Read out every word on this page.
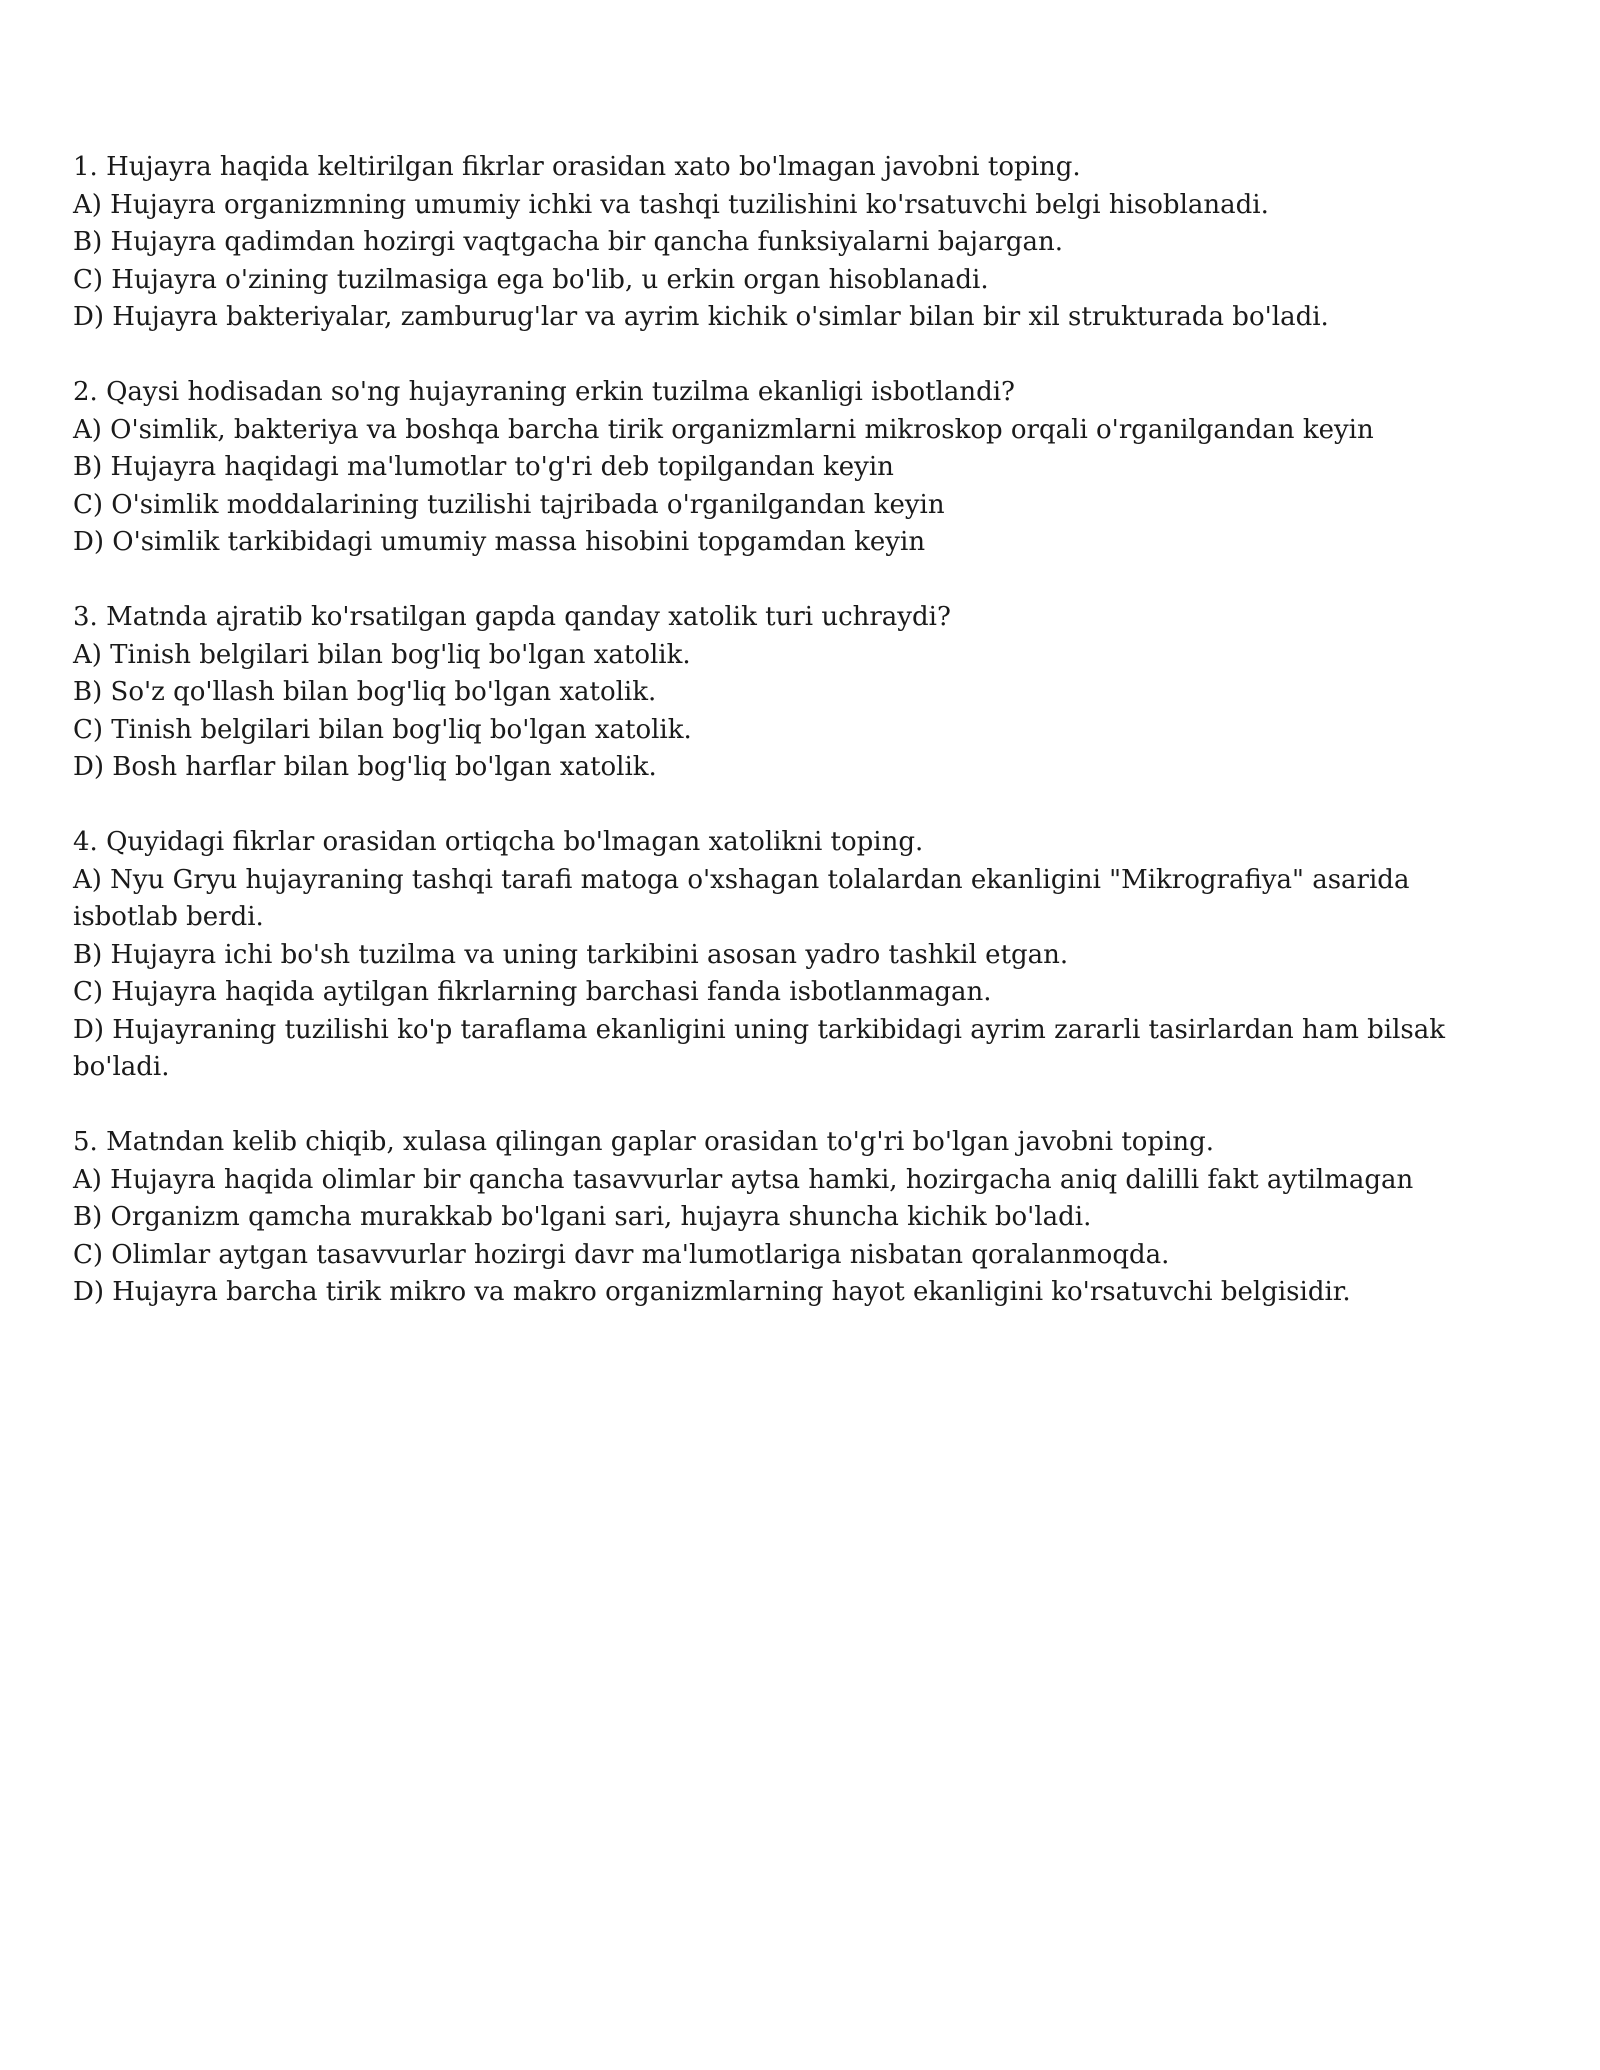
1. Hujayra haqida keltirilgan fikrlar orasidan xato bo'lmagan javobni toping.

A) Hujayra organizmning umumiy ichki va tashqi tuzilishini ko'rsatuvchi belgi hisoblanadi.

B) Hujayra qadimdan hozirgi vaqtgacha bir qancha funksiyalarni bajargan.

C) Hujayra o'zining tuzilmasiga ega bo'lib, u erkin organ hisoblanadi.

D) Hujayra bakteriyalar, zamburug'lar va ayrim kichik o'simlar bilan bir xil strukturada bo'ladi.

2. Qaysi hodisadan so'ng hujayraning erkin tuzilma ekanligi isbotlandi?

A) O'simlik, bakteriya va boshqa barcha tirik organizmlarni mikroskop orqali o'rganilgandan keyin

B) Hujayra haqidagi ma'lumotlar to'g'ri deb topilgandan keyin

C) O'simlik moddalarining tuzilishi tajribada o'rganilgandan keyin

D) O'simlik tarkibidagi umumiy massa hisobini topgamdan keyin

3. Matnda ajratib ko'rsatilgan gapda qanday xatolik turi uchraydi?

A) Tinish belgilari bilan bog'liq bo'lgan xatolik.

B) So'z qo'llash bilan bog'liq bo'lgan xatolik.

C) Tinish belgilari bilan bog'liq bo'lgan xatolik.

D) Bosh harflar bilan bog'liq bo'lgan xatolik.

4. Quyidagi fikrlar orasidan ortiqcha bo'lmagan xatolikni toping.

A) Nyu Gryu hujayraning tashqi tarafi matoga o'xshagan tolalardan ekanligini "Mikrografiya" asarida isbotlab berdi.

B) Hujayra ichi bo'sh tuzilma va uning tarkibini asosan yadro tashkil etgan.

C) Hujayra haqida aytilgan fikrlarning barchasi fanda isbotlanmagan.

D) Hujayraning tuzilishi ko'p taraflama ekanligini uning tarkibidagi ayrim zararli tasirlardan ham bilsak bo'ladi.

5. Matndan kelib chiqib, xulasa qilingan gaplar orasidan to'g'ri bo'lgan javobni toping.

A) Hujayra haqida olimlar bir qancha tasavvurlar aytsa hamki, hozirgacha aniq dalilli fakt aytilmagan

B) Organizm qamcha murakkab bo'lgani sari, hujayra shuncha kichik bo'ladi.

C) Olimlar aytgan tasavvurlar hozirgi davr ma'lumotlariga nisbatan qoralanmoqda.

D) Hujayra barcha tirik mikro va makro organizmlarning hayot ekanligini ko'rsatuvchi belgisidir.
